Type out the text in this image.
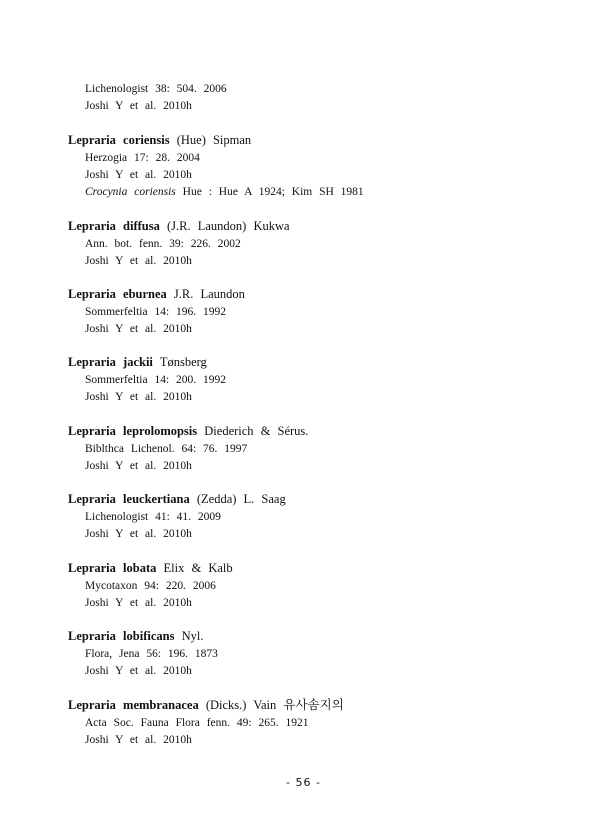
Lichenologist 38: 504. 2006
Joshi Y et al. 2010h
Lepraria coriensis (Hue) Sipman
Herzogia 17: 28. 2004
Joshi Y et al. 2010h
Crocynia coriensis Hue : Hue A 1924; Kim SH 1981
Lepraria diffusa (J.R. Laundon) Kukwa
Ann. bot. fenn. 39: 226. 2002
Joshi Y et al. 2010h
Lepraria eburnea J.R. Laundon
Sommerfeltia 14: 196. 1992
Joshi Y et al. 2010h
Lepraria jackii Tønsberg
Sommerfeltia 14: 200. 1992
Joshi Y et al. 2010h
Lepraria leprolomopsis Diederich & Sérus.
Biblthca Lichenol. 64: 76. 1997
Joshi Y et al. 2010h
Lepraria leuckertiana (Zedda) L. Saag
Lichenologist 41: 41. 2009
Joshi Y et al. 2010h
Lepraria lobata Elix & Kalb
Mycotaxon 94: 220. 2006
Joshi Y et al. 2010h
Lepraria lobificans Nyl.
Flora, Jena 56: 196. 1873
Joshi Y et al. 2010h
Lepraria membranacea (Dicks.) Vain 유사솜지의
Acta Soc. Fauna Flora fenn. 49: 265. 1921
Joshi Y et al. 2010h
- 56 -
